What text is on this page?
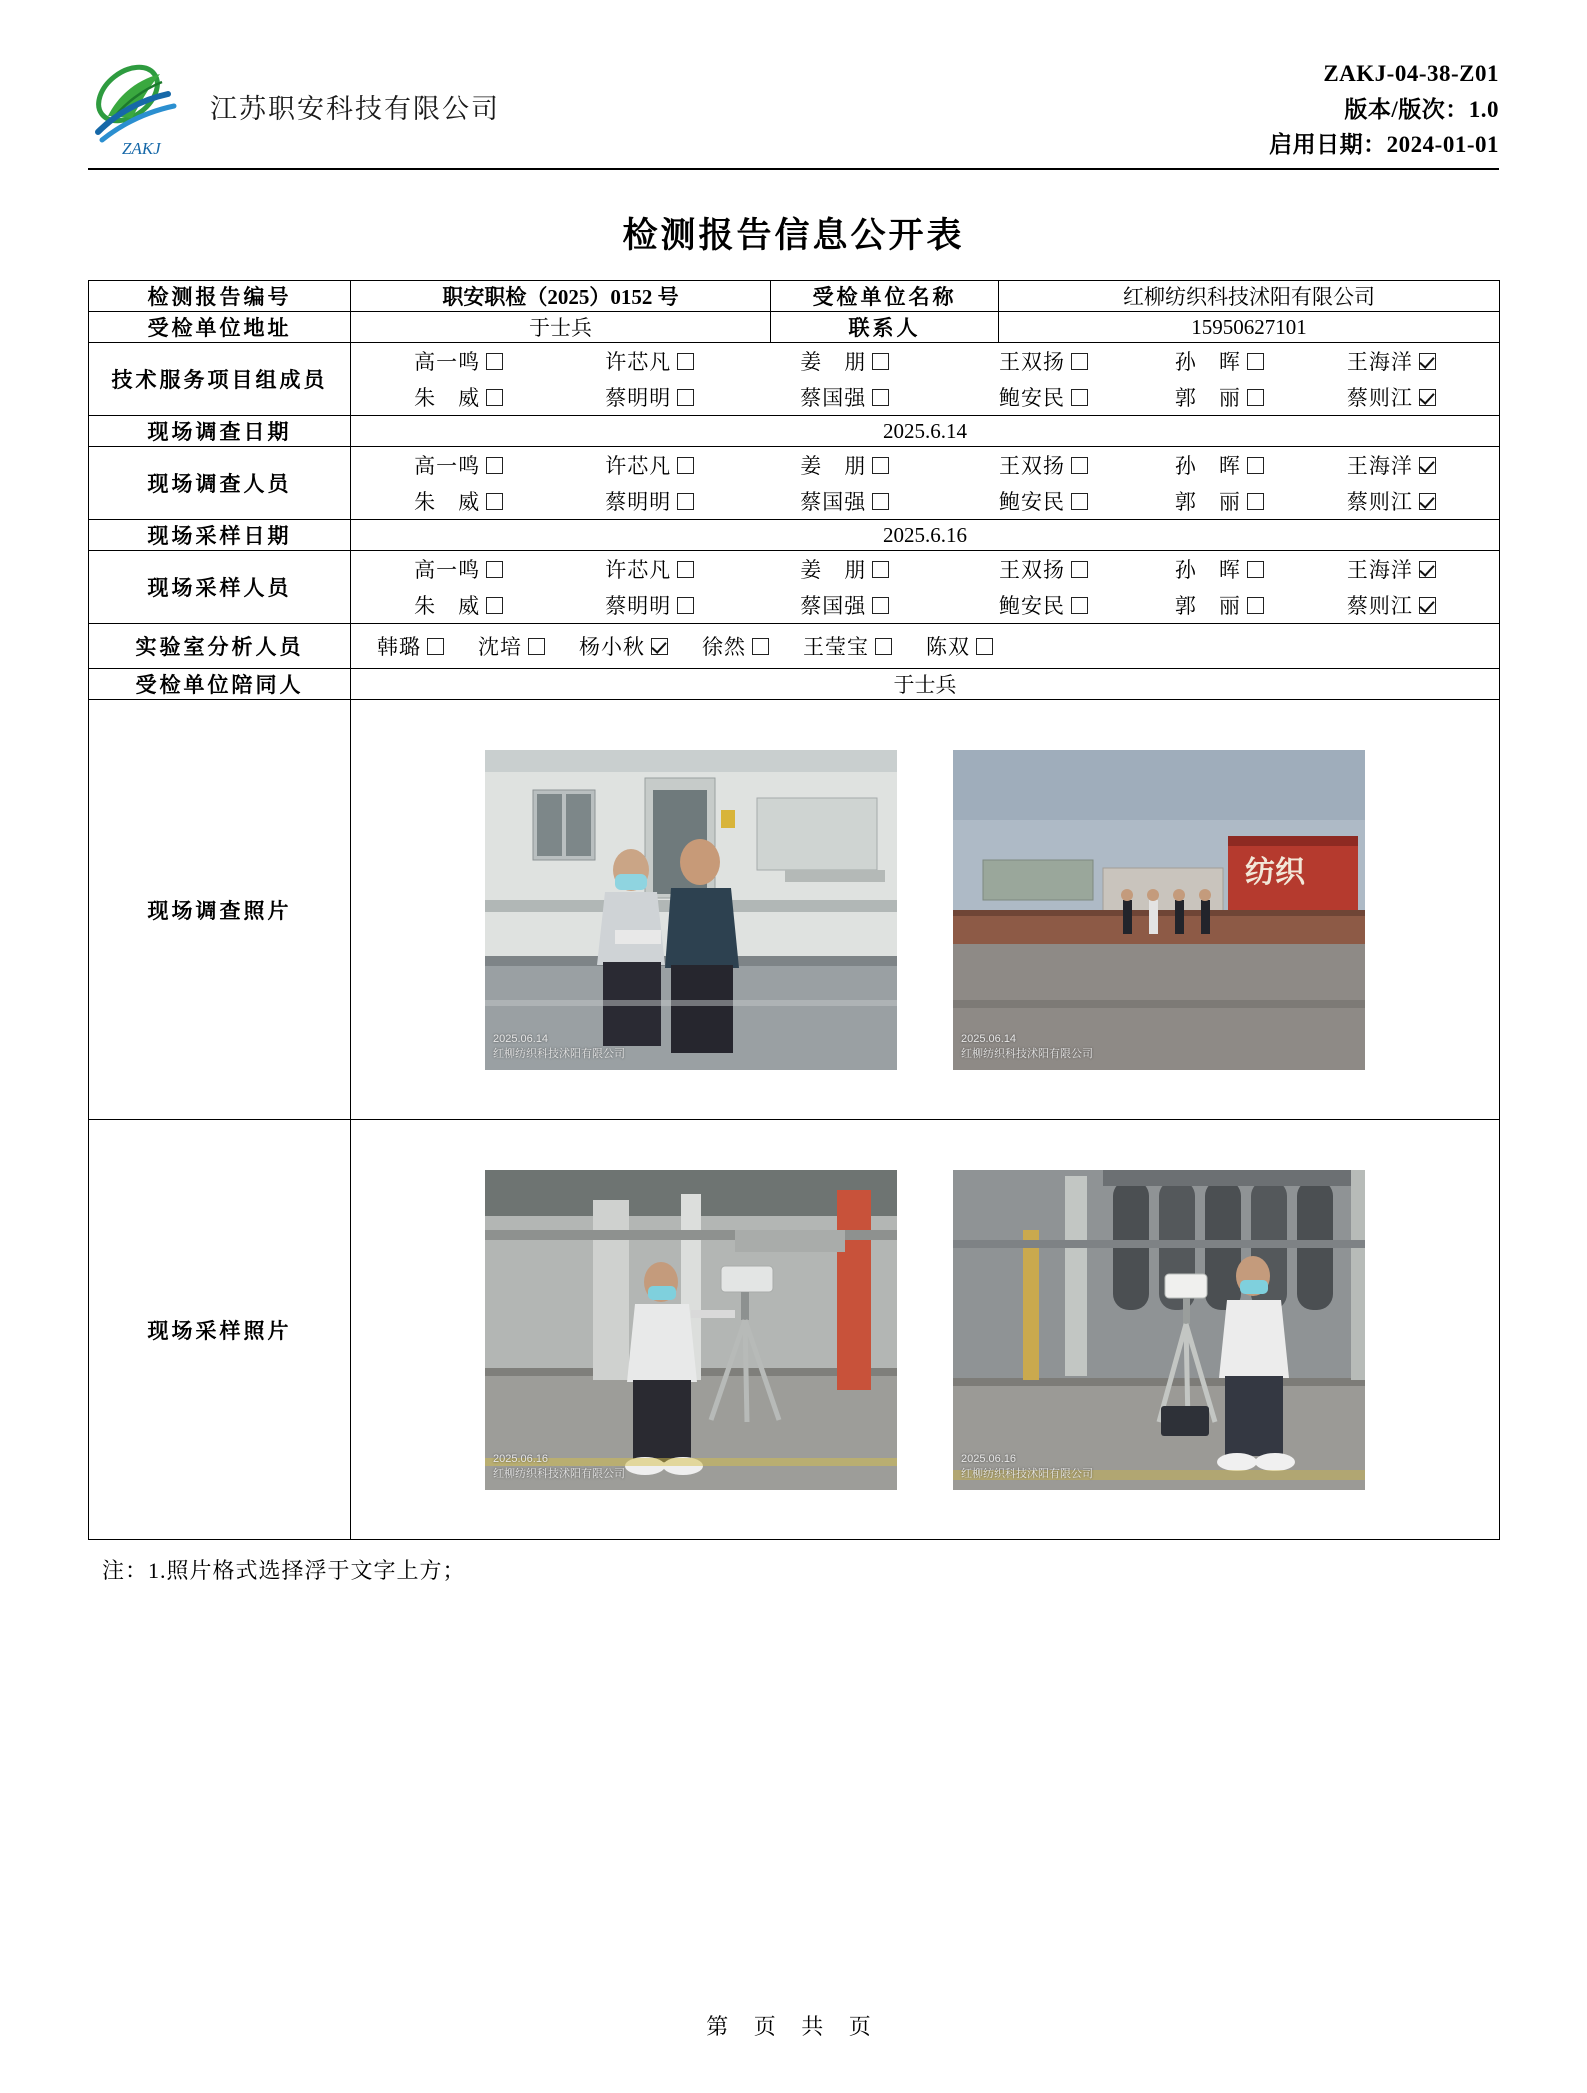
ZAKJ
江苏职安科技有限公司
ZAKJ-04-38-Z01
版本/版次：1.0
启用日期：2024-01-01
检测报告信息公开表
检测报告编号	职安职检（2025）0152 号	受检单位名称	红柳纺织科技沭阳有限公司
受检单位地址	于士兵	联系人	15950627101
技术服务项目组成员	
高一鸣	许芯凡	姜　朋	王双扬	孙　晖	王海洋
朱　威	蔡明明	蔡国强	鲍安民	郭　丽	蔡则江

现场调查日期	2025.6.14		
现场调查人员	
高一鸣	许芯凡	姜　朋	王双扬	孙　晖	王海洋
朱　威	蔡明明	蔡国强	鲍安民	郭　丽	蔡则江

现场采样日期	2025.6.16		
现场采样人员	
高一鸣	许芯凡	姜　朋	王双扬	孙　晖	王海洋
朱　威	蔡明明	蔡国强	鲍安民	郭　丽	蔡则江

实验室分析人员	韩璐	沈培	杨小秋	徐然	王莹宝	陈双

受检单位陪同人	于士兵		
现场调查照片	2025.06.14
红柳纺织科技沭阳有限公司
纺织
2025.06.14
红柳纺织科技沭阳有限公司		

现场采样照片	2025.06.16
红柳纺织科技沭阳有限公司
2025.06.16
红柳纺织科技沭阳有限公司		
注：1.照片格式选择浮于文字上方；
第 页 共 页
